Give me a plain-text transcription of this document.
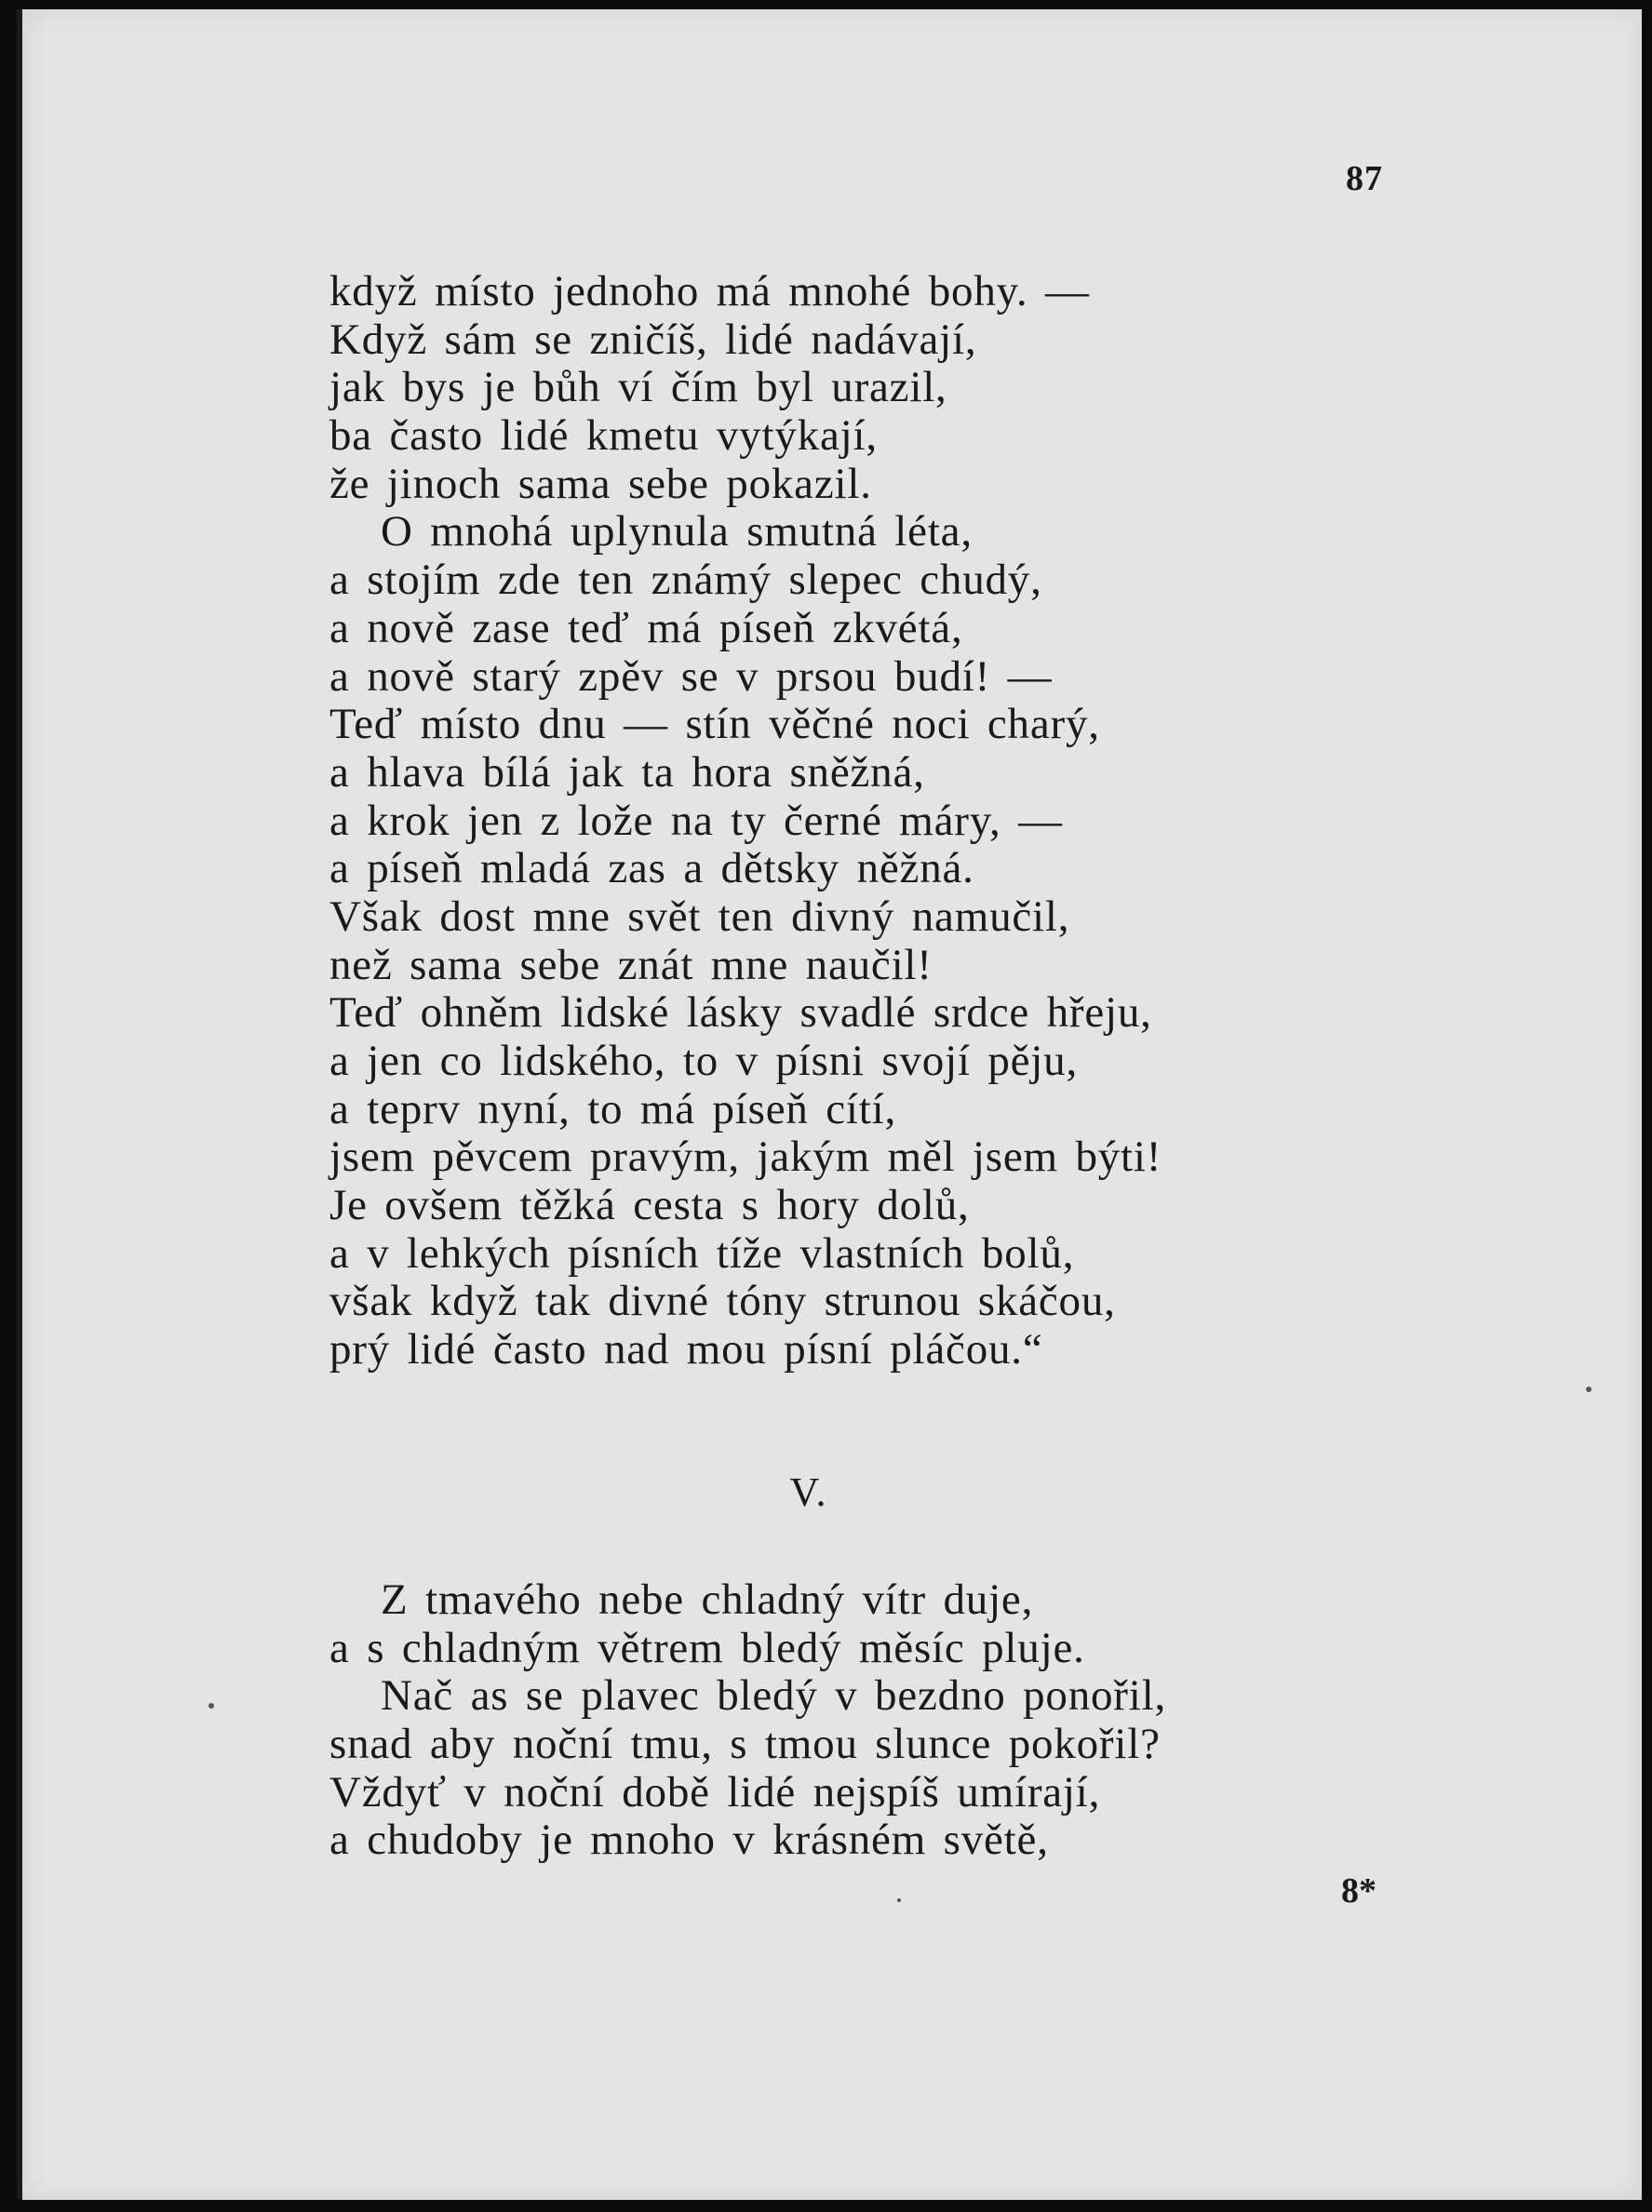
87
když místo jednoho má mnohé bohy. —
Když sám se zničíš, lidé nadávají,
jak bys je bůh ví čím byl urazil,
ba často lidé kmetu vytýkají,
že jinoch sama sebe pokazil.
O mnohá uplynula smutná léta,
a stojím zde ten známý slepec chudý,
a nově zase teď má píseň zkvétá,
a nově starý zpěv se v prsou budí! —
Teď místo dnu — stín věčné noci charý,
a hlava bílá jak ta hora sněžná,
a krok jen z lože na ty černé máry, —
a píseň mladá zas a dětsky něžná.
Však dost mne svět ten divný namučil,
než sama sebe znát mne naučil!
Teď ohněm lidské lásky svadlé srdce hřeju,
a jen co lidského, to v písni svojí pěju,
a teprv nyní, to má píseň cítí,
jsem pěvcem pravým, jakým měl jsem býti!
Je ovšem těžká cesta s hory dolů,
a v lehkých písních tíže vlastních bolů,
však když tak divné tóny strunou skáčou,
prý lidé často nad mou písní pláčou.“
V.
Z tmavého nebe chladný vítr duje,
a s chladným větrem bledý měsíc pluje.
Nač as se plavec bledý v bezdno ponořil,
snad aby noční tmu, s tmou slunce pokořil?
Vždyť v noční době lidé nejspíš umírají,
a chudoby je mnoho v krásném světě,
8*
